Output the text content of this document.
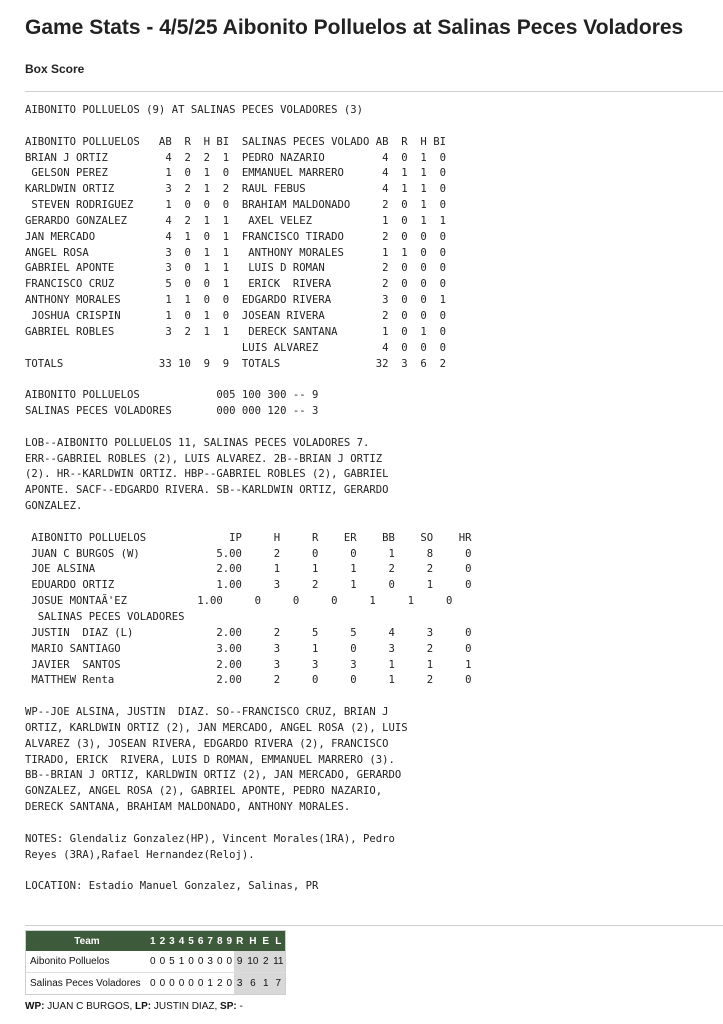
Game Stats - 4/5/25 Aibonito Polluelos at Salinas Peces Voladores
Box Score
AIBONITO POLLUELOS (9) AT SALINAS PECES VOLADORES (3)

AIBONITO POLLUELOS   AB  R  H BI  SALINAS PECES VOLADO AB  R  H BI
BRIAN J ORTIZ         4  2  2  1  PEDRO NAZARIO         4  0  1  0
GELSON PEREZ         1  0  1  0  EMMANUEL MARRERO      4  1  1  0
KARLDWIN ORTIZ        3  2  1  2  RAUL FEBUS            4  1  1  0
STEVEN RODRIGUEZ     1  0  0  0  BRAHIAM MALDONADO     2  0  1  0
GERARDO GONZALEZ      4  2  1  1   AXEL VELEZ           1  0  1  1
JAN MERCADO           4  1  0  1  FRANCISCO TIRADO      2  0  0  0
ANGEL ROSA            3  0  1  1   ANTHONY MORALES      1  1  0  0
GABRIEL APONTE        3  0  1  1   LUIS D ROMAN         2  0  0  0
FRANCISCO CRUZ        5  0  0  1   ERICK  RIVERA        2  0  0  0
ANTHONY MORALES       1  1  0  0  EDGARDO RIVERA        3  0  0  1
JOSHUA CRISPIN       1  0  1  0  JOSEAN RIVERA         2  0  0  0
GABRIEL ROBLES        3  2  1  1   DERECK SANTANA       1  0  1  0
LUIS ALVAREZ          4  0  0  0
TOTALS               33 10  9  9  TOTALS               32  3  6  2

AIBONITO POLLUELOS            005 100 300 -- 9
SALINAS PECES VOLADORES       000 000 120 -- 3

LOB--AIBONITO POLLUELOS 11, SALINAS PECES VOLADORES 7.
ERR--GABRIEL ROBLES (2), LUIS ALVAREZ. 2B--BRIAN J ORTIZ
(2). HR--KARLDWIN ORTIZ. HBP--GABRIEL ROBLES (2), GABRIEL
APONTE. SACF--EDGARDO RIVERA. SB--KARLDWIN ORTIZ, GERARDO
GONZALEZ.

AIBONITO POLLUELOS             IP     H     R    ER    BB    SO    HR
JUAN C BURGOS (W)            5.00     2     0     0     1     8     0
JOE ALSINA                   2.00     1     1     1     2     2     0
EDUARDO ORTIZ                1.00     3     2     1     0     1     0
JOSUE MONTAÃ'EZ           1.00     0     0     0     1     1     0
SALINAS PECES VOLADORES
JUSTIN  DIAZ (L)             2.00     2     5     5     4     3     0
MARIO SANTIAGO               3.00     3     1     0     3     2     0
JAVIER  SANTOS               2.00     3     3     3     1     1     1
MATTHEW Renta                2.00     2     0     0     1     2     0

WP--JOE ALSINA, JUSTIN  DIAZ. SO--FRANCISCO CRUZ, BRIAN J
ORTIZ, KARLDWIN ORTIZ (2), JAN MERCADO, ANGEL ROSA (2), LUIS
ALVAREZ (3), JOSEAN RIVERA, EDGARDO RIVERA (2), FRANCISCO
TIRADO, ERICK  RIVERA, LUIS D ROMAN, EMMANUEL MARRERO (3).
BB--BRIAN J ORTIZ, KARLDWIN ORTIZ (2), JAN MERCADO, GERARDO
GONZALEZ, ANGEL ROSA (2), GABRIEL APONTE, PEDRO NAZARIO,
DERECK SANTANA, BRAHIAM MALDONADO, ANTHONY MORALES.

NOTES: Glendaliz Gonzalez(HP), Vincent Morales(1RA), Pedro
Reyes (3RA),Rafael Hernandez(Reloj).

LOCATION: Estadio Manuel Gonzalez, Salinas, PR
Team	1	2	3	4	5	6	7	8	9	R	H	E	L
Aibonito Polluelos	0	0	5	1	0	0	3	0	0	9	10	2	11
Salinas Peces Voladores	0	0	0	0	0	0	1	2	0	3	6	1	7
WP: JUAN C BURGOS, LP: JUSTIN DIAZ, SP: -
